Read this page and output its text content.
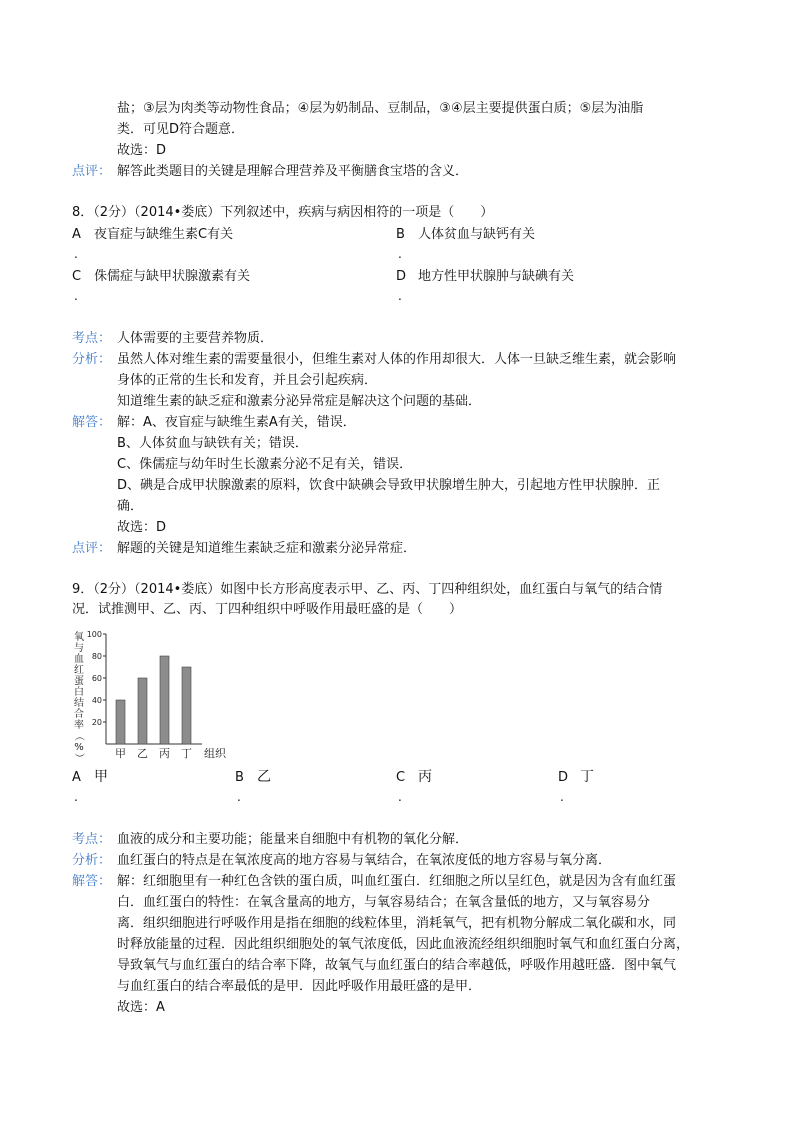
盐；③层为肉类等动物性食品；④层为奶制品、豆制品，③④层主要提供蛋白质；⑤层为油脂
类．可见D符合题意．
故选：D
点评： 解答此类题目的关键是理解合理营养及平衡膳食宝塔的含义．
8．（2分）（2014•娄底）下列叙述中，疾病与病因相符的一项是（　　）
A 夜盲症与缺维生素C有关
.
B 人体贫血与缺钙有关
.
C 侏儒症与缺甲状腺激素有关
.
D 地方性甲状腺肿与缺碘有关
.
考点： 人体需要的主要营养物质．
分析： 虽然人体对维生素的需要量很小，但维生素对人体的作用却很大．人体一旦缺乏维生素，就会影响
身体的正常的生长和发育，并且会引起疾病．
知道维生素的缺乏症和激素分泌异常症是解决这个问题的基础．
解答： 解：A、夜盲症与缺维生素A有关，错误．
B、人体贫血与缺铁有关；错误．
C、侏儒症与幼年时生长激素分泌不足有关，错误．
D、碘是合成甲状腺激素的原料，饮食中缺碘会导致甲状腺增生肿大，引起地方性甲状腺肿．正
确．
故选：D
点评： 解题的关键是知道维生素缺乏症和激素分泌异常症．
9．（2分）（2014•娄底）如图中长方形高度表示甲、乙、丙、丁四种组织处，血红蛋白与氧气的结合情
况．试推测甲、乙、丙、丁四种组织中呼吸作用最旺盛的是（　　）
20
40
60
80
100
氧
与
血
红
蛋
白
结
合
率
（
%
）	甲 乙 丙 丁 组织
A 甲
.
B 乙
.
C 丙
.
D 丁
.
考点： 血液的成分和主要功能；能量来自细胞中有机物的氧化分解．
分析： 血红蛋白的特点是在氧浓度高的地方容易与氧结合，在氧浓度低的地方容易与氧分离．
解答： 解：红细胞里有一种红色含铁的蛋白质，叫血红蛋白．红细胞之所以呈红色，就是因为含有血红蛋
白．血红蛋白的特性：在氧含量高的地方，与氧容易结合；在氧含量低的地方，又与氧容易分
离．组织细胞进行呼吸作用是指在细胞的线粒体里，消耗氧气，把有机物分解成二氧化碳和水，同
时释放能量的过程．因此组织细胞处的氧气浓度低，因此血液流经组织细胞时氧气和血红蛋白分离，
导致氧气与血红蛋白的结合率下降，故氧气与血红蛋白的结合率越低，呼吸作用越旺盛．图中氧气
与血红蛋白的结合率最低的是甲．因此呼吸作用最旺盛的是甲．
故选：A
